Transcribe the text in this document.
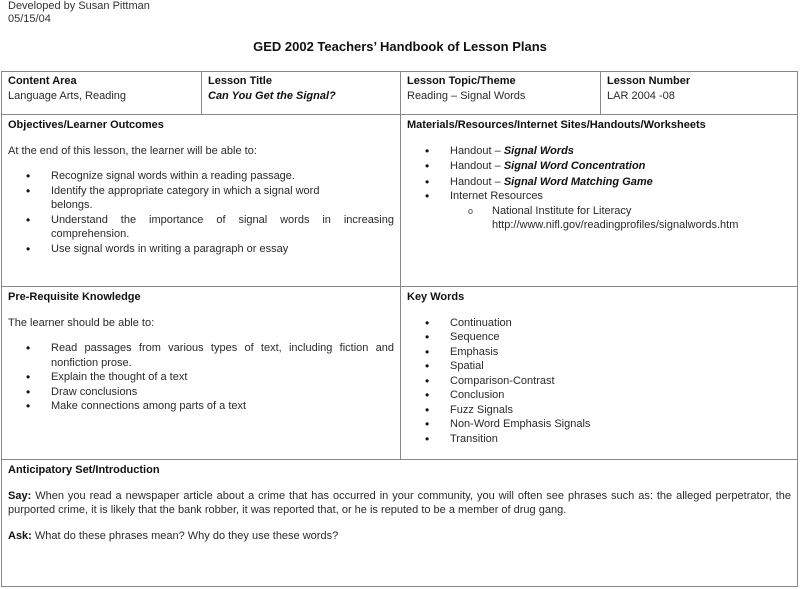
Developed by Susan Pittman
05/15/04
GED 2002 Teachers’ Handbook of Lesson Plans
Content Area
Language Arts, Reading
Lesson Title
Can You Get the Signal?
Lesson Topic/Theme
Reading – Signal Words
Lesson Number
LAR 2004 -08
Objectives/Learner Outcomes
At the end of this lesson, the learner will be able to:
• Recognize signal words within a reading passage.
• Identify the appropriate category in which a signal word belongs.
• Understand the importance of signal words in increasing comprehension.
• Use signal words in writing a paragraph or essay
Materials/Resources/Internet Sites/Handouts/Worksheets
• Handout – Signal Words
• Handout – Signal Word Concentration
• Handout – Signal Word Matching Game
• Internet Resources
o National Institute for Literacy
http://www.nifl.gov/readingprofiles/signalwords.htm
Pre-Requisite Knowledge
The learner should be able to:
• Read passages from various types of text, including fiction and nonfiction prose.
• Explain the thought of a text
• Draw conclusions
• Make connections among parts of a text
Key Words
• Continuation
• Sequence
• Emphasis
• Spatial
• Comparison-Contrast
• Conclusion
• Fuzz Signals
• Non-Word Emphasis Signals
• Transition
Anticipatory Set/Introduction
Say: When you read a newspaper article about a crime that has occurred in your community, you will often see phrases such as: the alleged perpetrator, the purported crime, it is likely that the bank robber, it was reported that, or he is reputed to be a member of drug gang.
Ask: What do these phrases mean? Why do they use these words?
